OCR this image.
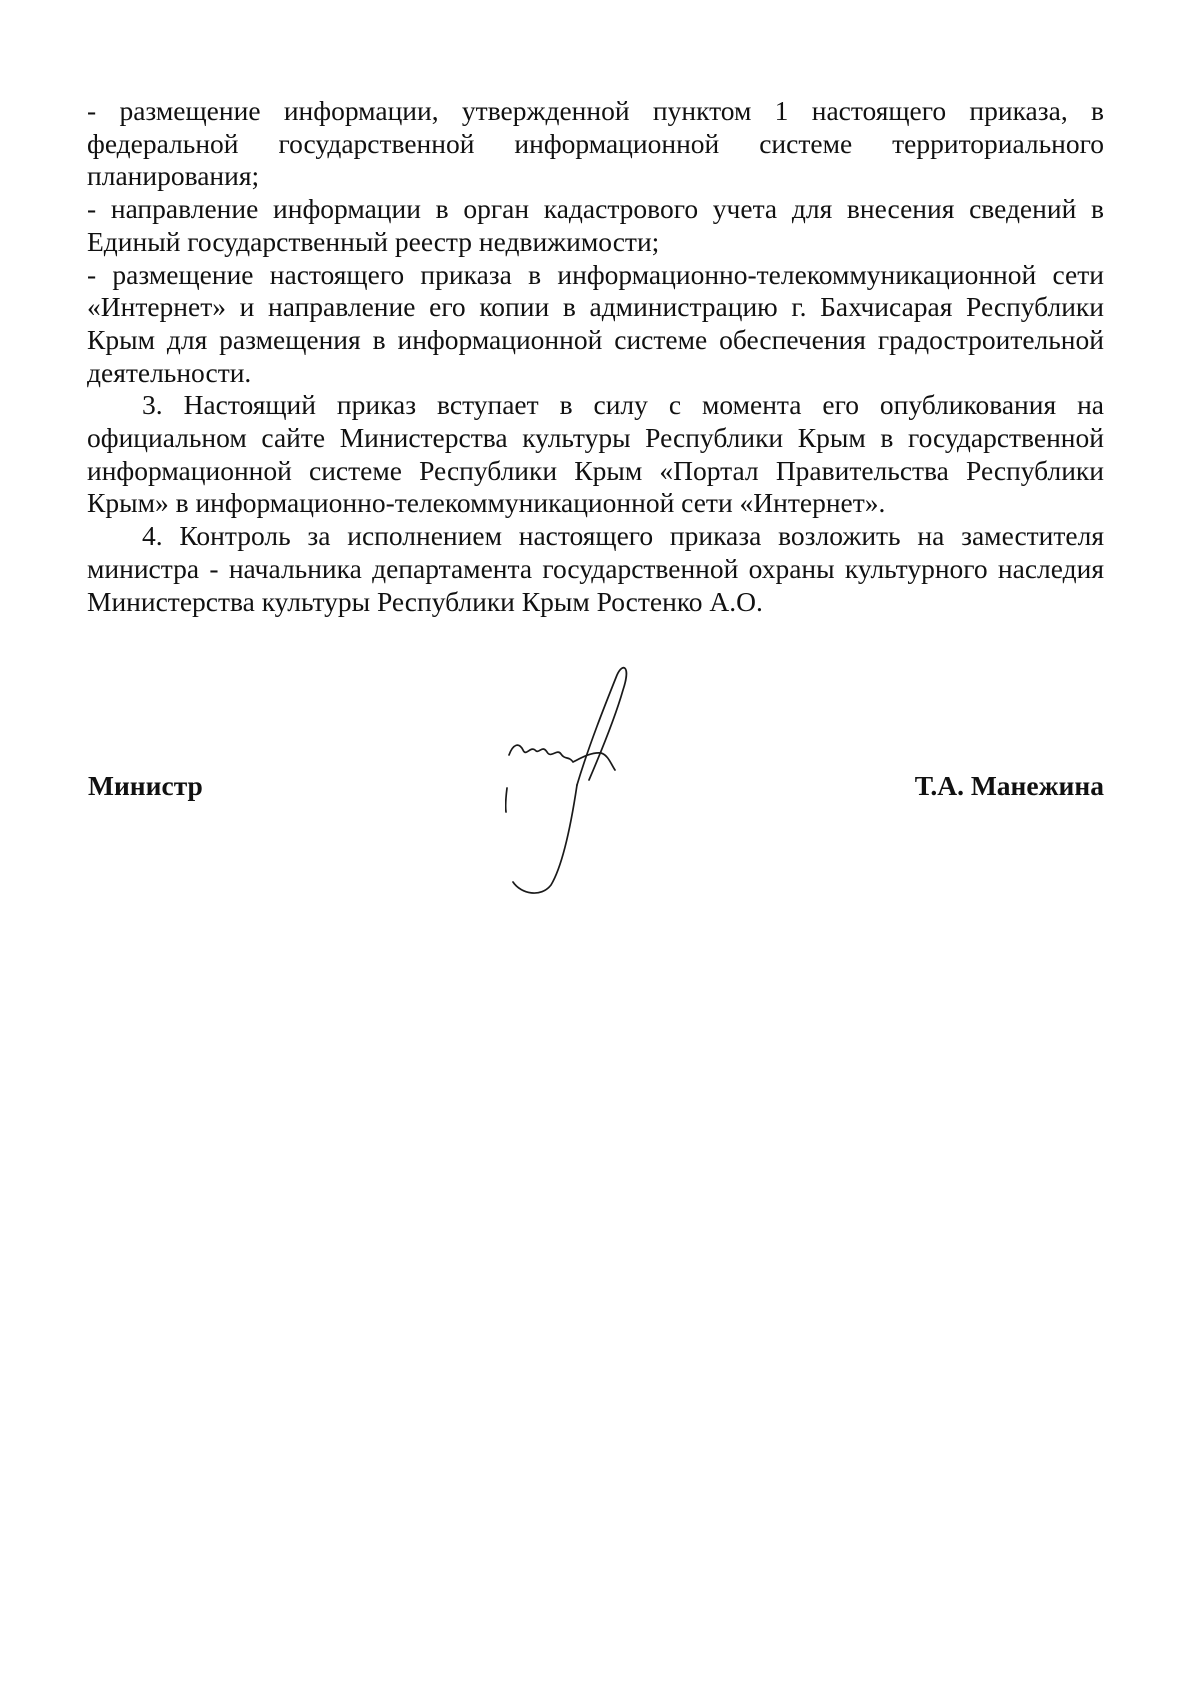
- размещение информации, утвержденной пунктом 1 настоящего приказа, в федеральной государственной информационной системе территориального планирования;

- направление информации в орган кадастрового учета для внесения сведений в Единый государственный реестр недвижимости;

- размещение настоящего приказа в информационно-телекоммуникационной сети «Интернет» и направление его копии в администрацию г. Бахчисарая Республики Крым для размещения в информационной системе обеспечения градостроительной деятельности.

3. Настоящий приказ вступает в силу с момента его опубликования на официальном сайте Министерства культуры Республики Крым в государственной информационной системе Республики Крым «Портал Правительства Республики Крым» в информационно-телекоммуникационной сети «Интернет».

4. Контроль за исполнением настоящего приказа возложить на заместителя министра - начальника департамента государственной охраны культурного наследия Министерства культуры Республики Крым Ростенко А.О.

Министр	Т.А. Манежина
